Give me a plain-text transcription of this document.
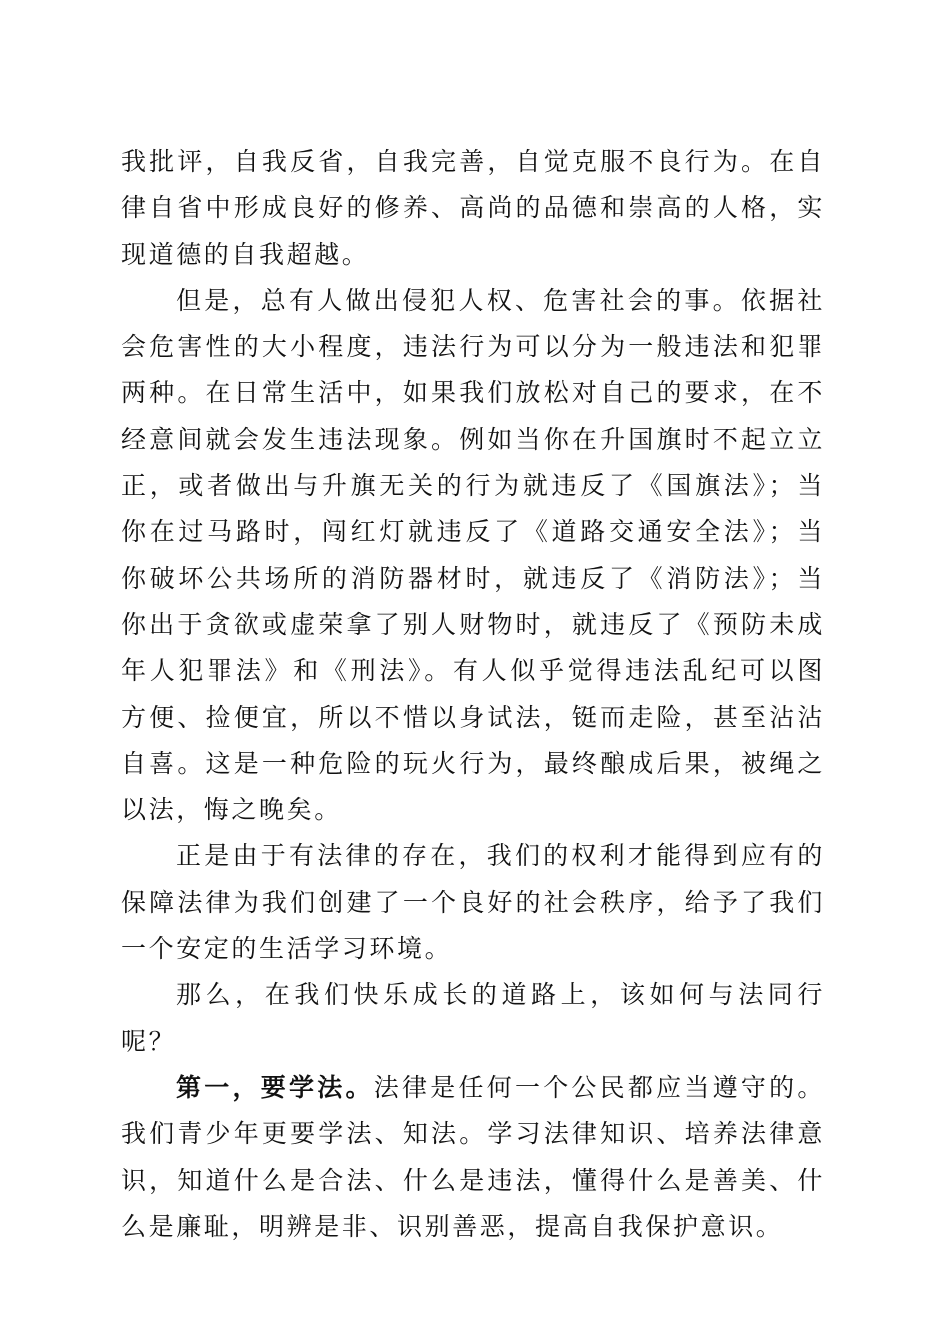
我批评，自我反省，自我完善，自觉克服不良行为。在自律自省中形成良好的修养、高尚的品德和崇高的人格，实现道德的自我超越。

但是，总有人做出侵犯人权、危害社会的事。依据社会危害性的大小程度，违法行为可以分为一般违法和犯罪两种。在日常生活中，如果我们放松对自己的要求，在不经意间就会发生违法现象。例如当你在升国旗时不起立立正，或者做出与升旗无关的行为就违反了《国旗法》；当你在过马路时，闯红灯就违反了《道路交通安全法》；当你破坏公共场所的消防器材时，就违反了《消防法》；当你出于贪欲或虚荣拿了别人财物时，就违反了《预防未成年人犯罪法》和《刑法》。有人似乎觉得违法乱纪可以图方便、捡便宜，所以不惜以身试法，铤而走险，甚至沾沾自喜。这是一种危险的玩火行为，最终酿成后果，被绳之以法，悔之晚矣。

正是由于有法律的存在，我们的权利才能得到应有的保障法律为我们创建了一个良好的社会秩序，给予了我们一个安定的生活学习环境。

那么，在我们快乐成长的道路上，该如何与法同行呢？

第一，要学法。法律是任何一个公民都应当遵守的。我们青少年更要学法、知法。学习法律知识、培养法律意识，知道什么是合法、什么是违法，懂得什么是善美、什么是廉耻，明辨是非、识别善恶，提高自我保护意识。
